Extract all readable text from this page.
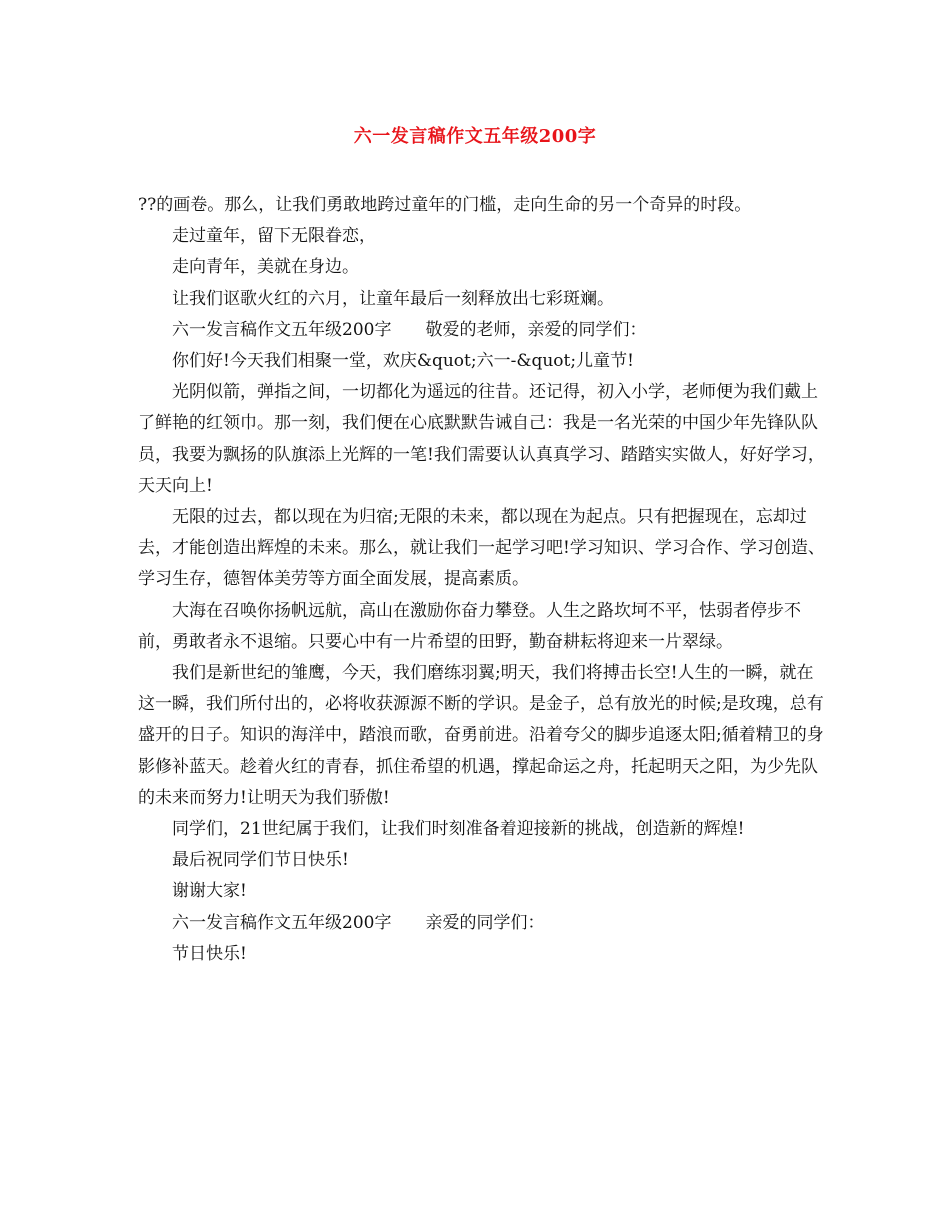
六一发言稿作文五年级200字

??的画卷。那么，让我们勇敢地跨过童年的门槛，走向生命的另一个奇异的时段。

走过童年，留下无限眷恋，

走向青年，美就在身边。

让我们讴歌火红的六月，让童年最后一刻释放出七彩斑斓。

六一发言稿作文五年级200字　　敬爱的老师，亲爱的同学们：

你们好!今天我们相聚一堂，欢庆&quot;六一-&quot;儿童节!

光阴似箭，弹指之间，一切都化为遥远的往昔。还记得，初入小学，老师便为我们戴上了鲜艳的红领巾。那一刻，我们便在心底默默告诫自己：我是一名光荣的中国少年先锋队队员，我要为飘扬的队旗添上光辉的一笔!我们需要认认真真学习、踏踏实实做人，好好学习，天天向上!

无限的过去，都以现在为归宿;无限的未来，都以现在为起点。只有把握现在，忘却过去，才能创造出辉煌的未来。那么，就让我们一起学习吧!学习知识、学习合作、学习创造、学习生存，德智体美劳等方面全面发展，提高素质。

大海在召唤你扬帆远航，高山在激励你奋力攀登。人生之路坎坷不平，怯弱者停步不前，勇敢者永不退缩。只要心中有一片希望的田野，勤奋耕耘将迎来一片翠绿。

我们是新世纪的雏鹰，今天，我们磨练羽翼;明天，我们将搏击长空!人生的一瞬，就在这一瞬，我们所付出的，必将收获源源不断的学识。是金子，总有放光的时候;是玫瑰，总有盛开的日子。知识的海洋中，踏浪而歌，奋勇前进。沿着夸父的脚步追逐太阳;循着精卫的身影修补蓝天。趁着火红的青春，抓住希望的机遇，撑起命运之舟，托起明天之阳，为少先队的未来而努力!让明天为我们骄傲!

同学们，21世纪属于我们，让我们时刻准备着迎接新的挑战，创造新的辉煌!

最后祝同学们节日快乐!

谢谢大家!

六一发言稿作文五年级200字　　亲爱的同学们：

节日快乐!
